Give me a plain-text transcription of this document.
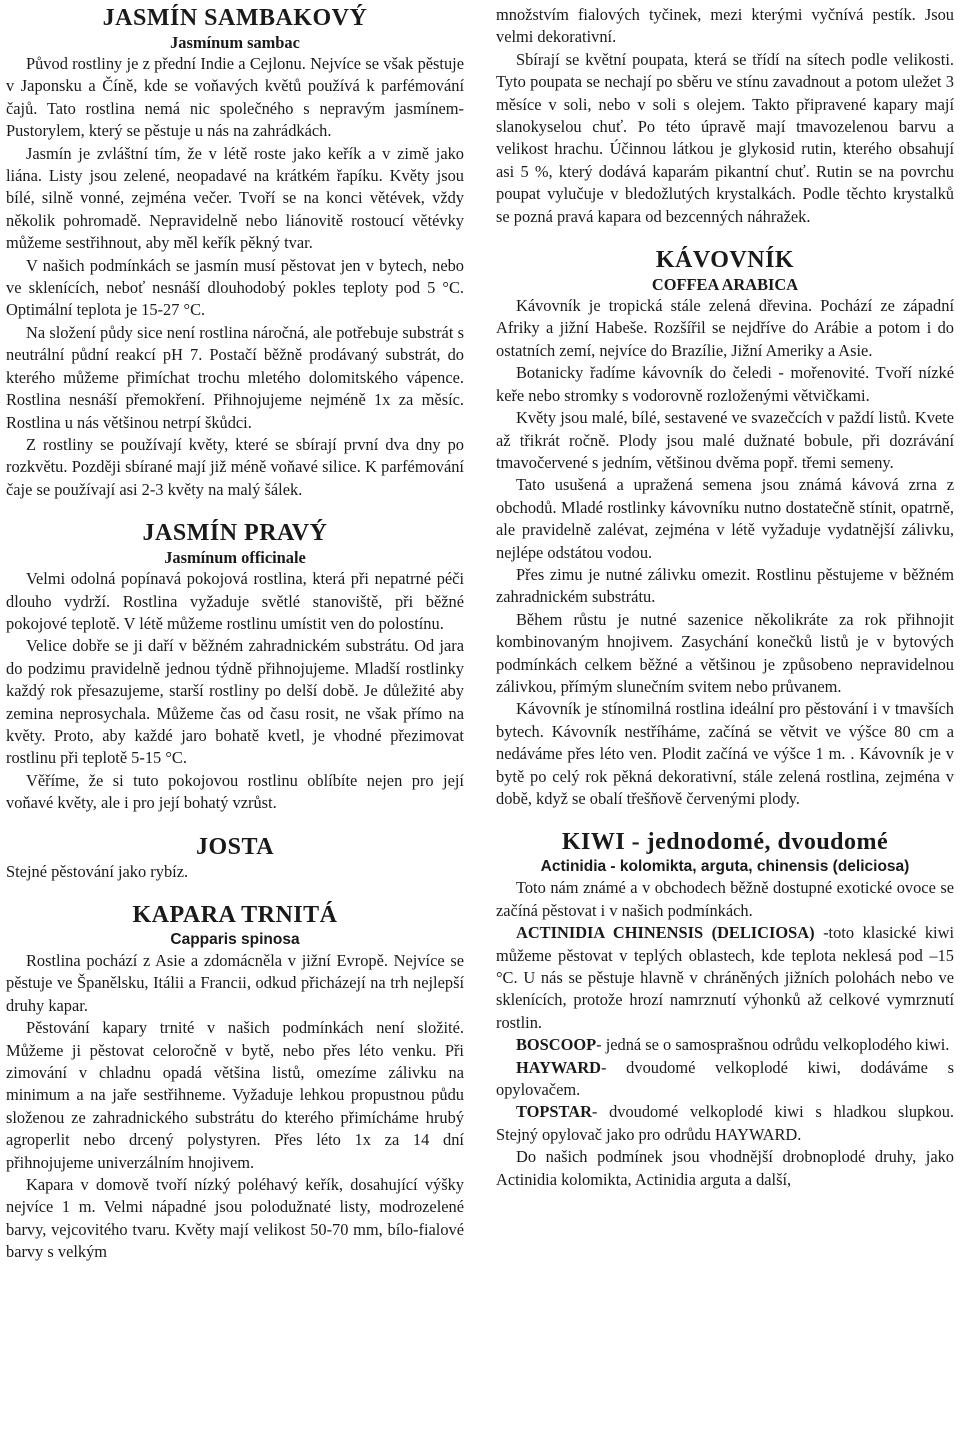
JASMÍN SAMBAKOVÝ
Jasmínum sambac

Původ rostliny je z přední Indie a Cejlonu. Nejvíce se však pěstuje v Japonsku a Číně, kde se voňavých květů používá k parfémování čajů. Tato rostlina nemá nic společného s nepravým jasmínem- Pustorylem, který se pěstuje u nás na zahrádkách.

Jasmín je zvláštní tím, že v létě roste jako keřík a v zimě jako liána. Listy jsou zelené, neopadavé na krátkém řapíku. Květy jsou bílé, silně vonné, zejména večer. Tvoří se na konci větévek, vždy několik pohromadě. Nepravidelně nebo liánovitě rostoucí větévky můžeme sestřihnout, aby měl keřík pěkný tvar.

V našich podmínkách se jasmín musí pěstovat jen v bytech, nebo ve sklenících, neboť nesnáší dlouhodobý pokles teploty pod 5 °C. Optimální teplota je 15-27 °C.

Na složení půdy sice není rostlina náročná, ale potřebuje substrát s neutrální půdní reakcí pH 7. Postačí běžně prodávaný substrát, do kterého můžeme přimíchat trochu mletého dolomitského vápence. Rostlina nesnáší přemokření. Přihnojujeme nejméně 1x za měsíc. Rostlina u nás většinou netrpí škůdci.

Z rostliny se používají květy, které se sbírají první dva dny po rozkvětu. Později sbírané mají již méně voňavé silice. K parfémování čaje se používají asi 2-3 květy na malý šálek.

JASMÍN PRAVÝ
Jasmínum officinale

Velmi odolná popínavá pokojová rostlina, která při nepatrné péči dlouho vydrží. Rostlina vyžaduje světlé stanoviště, při běžné pokojové teplotě. V létě můžeme rostlinu umístit ven do polostínu.

Velice dobře se ji daří v běžném zahradnickém substrátu. Od jara do podzimu pravidelně jednou týdně přihnojujeme. Mladší rostlinky každý rok přesazujeme, starší rostliny po delší době. Je důležité aby zemina neprosychala. Můžeme čas od času rosit, ne však přímo na květy. Proto, aby každé jaro bohatě kvetl, je vhodné přezimovat rostlinu při teplotě 5-15 °C.

Věříme, že si tuto pokojovou rostlinu oblíbíte nejen pro její voňavé květy, ale i pro její bohatý vzrůst.

JOSTA

Stejné pěstování jako rybíz.

KAPARA TRNITÁ
Capparis spinosa

Rostlina pochází z Asie a zdomácněla v jižní Evropě. Nejvíce se pěstuje ve Španělsku, Itálii a Francii, odkud přicházejí na trh nejlepší druhy kapar.

Pěstování kapary trnité v našich podmínkách není složité. Můžeme ji pěstovat celoročně v bytě, nebo přes léto venku. Při zimování v chladnu opadá většina listů, omezíme zálivku na minimum a na jaře sestřihneme. Vyžaduje lehkou propustnou půdu složenou ze zahradnického substrátu do kterého přimícháme hrubý agroperlit nebo drcený polystyren. Přes léto 1x za 14 dní přihnojujeme univerzálním hnojivem.

Kapara v domově tvoří nízký poléhavý keřík, dosahující výšky nejvíce 1 m. Velmi nápadné jsou polodužnaté listy, modrozelené barvy, vejcovitého tvaru. Květy mají velikost 50-70 mm, bílo-fialové barvy s velkým

množstvím fialových tyčinek, mezi kterými vyčnívá pestík. Jsou velmi dekorativní.

Sbírají se květní poupata, která se třídí na sítech podle velikosti. Tyto poupata se nechají po sběru ve stínu zavadnout a potom uležet 3 měsíce v soli, nebo v soli s olejem. Takto připravené kapary mají slanokyselou chuť. Po této úpravě mají tmavozelenou barvu a velikost hrachu. Účinnou látkou je glykosid rutin, kterého obsahují asi 5 %, který dodává kaparám pikantní chuť. Rutin se na povrchu poupat vylučuje v bledožlutých krystalkách. Podle těchto krystalků se pozná pravá kapara od bezcenných náhražek.

KÁVOVNÍK
COFFEA ARABICA

Kávovník je tropická stále zelená dřevina. Pochází ze západní Afriky a jižní Habeše. Rozšířil se nejdříve do Arábie a potom i do ostatních zemí, nejvíce do Brazílie, Jižní Ameriky a Asie.

Botanicky řadíme kávovník do čeledi - mořenovité. Tvoří nízké keře nebo stromky s vodorovně rozloženými větvičkami.

Květy jsou malé, bílé, sestavené ve svazečcích v paždí listů. Kvete až třikrát ročně. Plody jsou malé dužnaté bobule, při dozrávání tmavočervené s jedním, většinou dvěma popř. třemi semeny.

Tato usušená a upražená semena jsou známá kávová zrna z obchodů. Mladé rostlinky kávovníku nutno dostatečně stínit, opatrně, ale pravidelně zalévat, zejména v létě vyžaduje vydatnější zálivku, nejlépe odstátou vodou.

Přes zimu je nutné zálivku omezit. Rostlinu pěstujeme v běžném zahradnickém substrátu.

Během růstu je nutné sazenice několikráte za rok přihnojit kombinovaným hnojivem. Zasychání konečků listů je v bytových podmínkách celkem běžné a většinou je způsobeno nepravidelnou zálivkou, přímým slunečním svitem nebo průvanem.

Kávovník je stínomilná rostlina ideální pro pěstování i v tmavších bytech. Kávovník nestříháme, začíná se větvit ve výšce 80 cm a nedáváme přes léto ven. Plodit začíná ve výšce 1 m. . Kávovník je v bytě po celý rok pěkná dekorativní, stále zelená rostlina, zejména v době, když se obalí třešňově červenými plody.

KIWI - jednodomé, dvoudomé
Actinidia - kolomikta, arguta, chinensis (deliciosa)

Toto nám známé a v obchodech běžně dostupné exotické ovoce se začíná pěstovat i v našich podmínkách.

ACTINIDIA CHINENSIS (DELICIOSA) -toto klasické kiwi můžeme pěstovat v teplých oblastech, kde teplota neklesá pod –15 °C. U nás se pěstuje hlavně v chráněných jižních polohách nebo ve sklenících, protože hrozí namrznutí výhonků až celkové vymrznutí rostlin.

BOSCOOP- jedná se o samosprašnou odrůdu velkoplodého kiwi.

HAYWARD- dvoudomé velkoplodé kiwi, dodáváme s opylovačem.

TOPSTAR- dvoudomé velkoplodé kiwi s hladkou slupkou. Stejný opylovač jako pro odrůdu HAYWARD.

Do našich podmínek jsou vhodnější drobnoplodé druhy, jako Actinidia kolomikta, Actinidia arguta a další,
